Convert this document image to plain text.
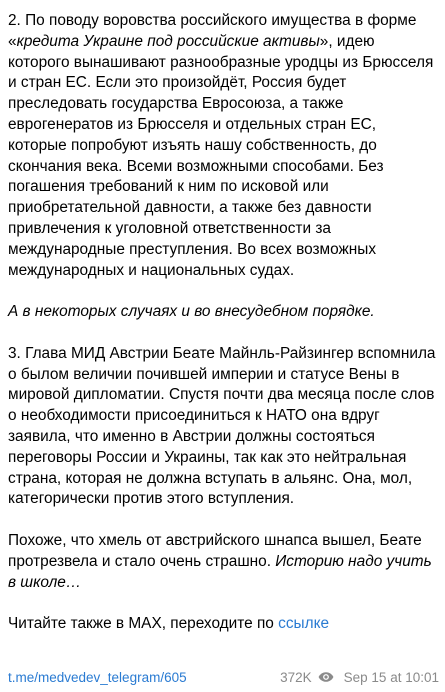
2. По поводу воровства российского имущества в форме «кредита Украине под российские активы», идею которого вынашивают разнообразные уродцы из Брюсселя и стран ЕС. Если это произойдёт, Россия будет преследовать государства Евросоюза, а также еврогенератов из Брюсселя и отдельных стран ЕС, которые попробуют изъять нашу собственность, до скончания века. Всеми возможными способами. Без погашения требований к ним по исковой или приобретательной давности, а также без давности привлечения к уголовной ответственности за международные преступления. Во всех возможных международных и национальных судах.

А в некоторых случаях и во внесудебном порядке.

3. Глава МИД Австрии Беате Майнль-Райзингер вспомнила о былом величии почившей империи и статусе Вены в мировой дипломатии. Спустя почти два месяца после слов о необходимости присоединиться к НАТО она вдруг заявила, что именно в Австрии должны состояться переговоры России и Украины, так как это нейтральная страна, которая не должна вступать в альянс. Она, мол, категорически против этого вступления.

Похоже, что хмель от австрийского шнапса вышел, Беате протрезвела и стало очень страшно. Историю надо учить в школе…

Читайте также в MAX, переходите по ссылке

t.me/medvedev_telegram/605	372K Sep 15 at 10:01
